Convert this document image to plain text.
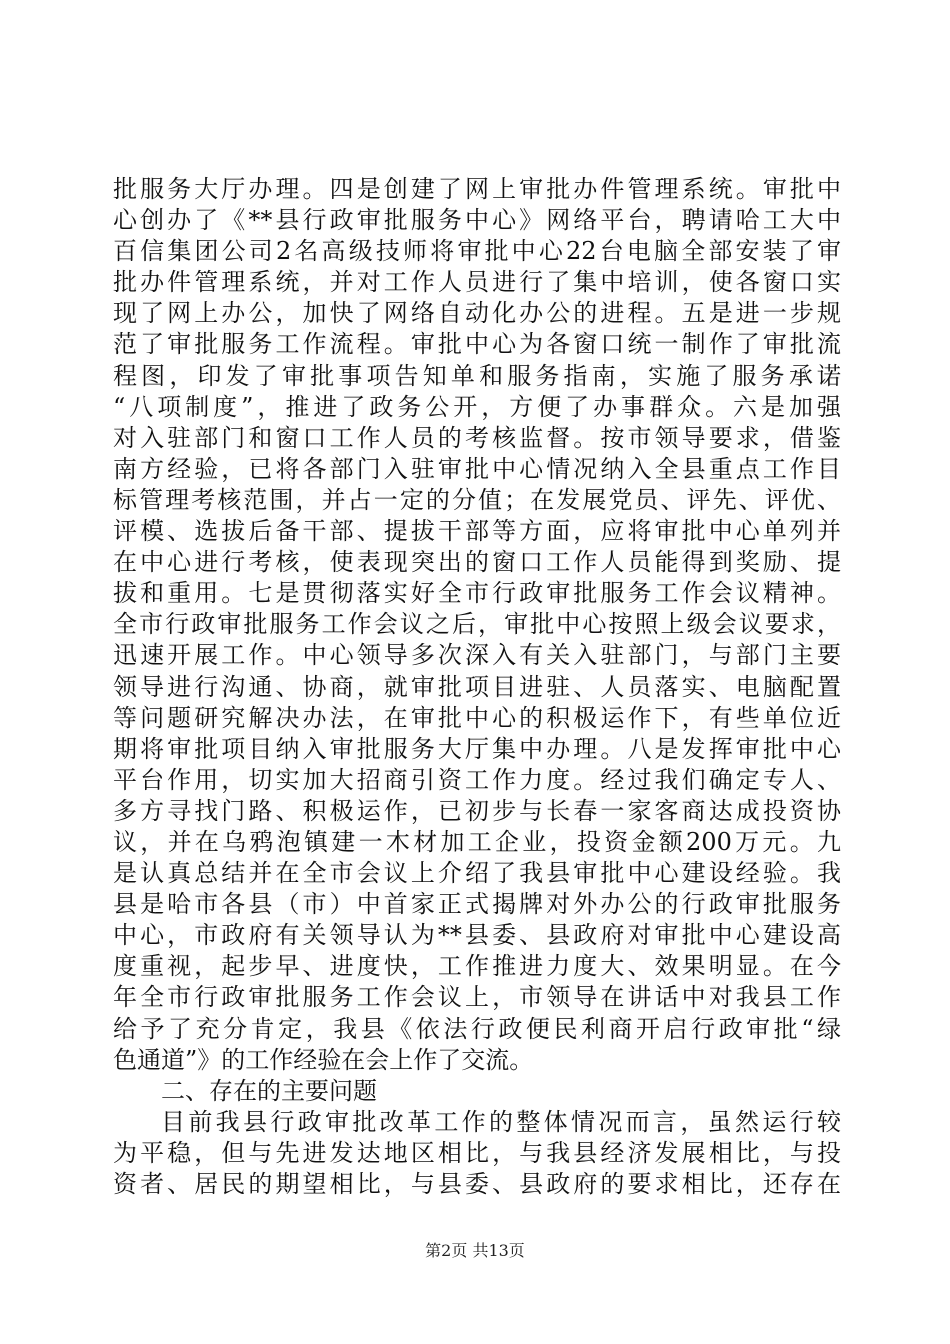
批服务大厅办理。四是创建了网上审批办件管理系统。审批中
心创办了《**县行政审批服务中心》网络平台，聘请哈工大中
百信集团公司2名高级技师将审批中心22台电脑全部安装了审
批办件管理系统，并对工作人员进行了集中培训，使各窗口实
现了网上办公，加快了网络自动化办公的进程。五是进一步规
范了审批服务工作流程。审批中心为各窗口统一制作了审批流
程图，印发了审批事项告知单和服务指南，实施了服务承诺
“八项制度”，推进了政务公开，方便了办事群众。六是加强
对入驻部门和窗口工作人员的考核监督。按市领导要求，借鉴
南方经验，已将各部门入驻审批中心情况纳入全县重点工作目
标管理考核范围，并占一定的分值；在发展党员、评先、评优、
评模、选拔后备干部、提拔干部等方面，应将审批中心单列并
在中心进行考核，使表现突出的窗口工作人员能得到奖励、提
拔和重用。七是贯彻落实好全市行政审批服务工作会议精神。
全市行政审批服务工作会议之后，审批中心按照上级会议要求，
迅速开展工作。中心领导多次深入有关入驻部门，与部门主要
领导进行沟通、协商，就审批项目进驻、人员落实、电脑配置
等问题研究解决办法，在审批中心的积极运作下，有些单位近
期将审批项目纳入审批服务大厅集中办理。八是发挥审批中心
平台作用，切实加大招商引资工作力度。经过我们确定专人、
多方寻找门路、积极运作，已初步与长春一家客商达成投资协
议，并在乌鸦泡镇建一木材加工企业，投资金额200万元。九
是认真总结并在全市会议上介绍了我县审批中心建设经验。我
县是哈市各县（市）中首家正式揭牌对外办公的行政审批服务
中心，市政府有关领导认为**县委、县政府对审批中心建设高
度重视，起步早、进度快，工作推进力度大、效果明显。在今
年全市行政审批服务工作会议上，市领导在讲话中对我县工作
给予了充分肯定，我县《依法行政便民利商开启行政审批“绿
色通道”》的工作经验在会上作了交流。
二、存在的主要问题
目前我县行政审批改革工作的整体情况而言，虽然运行较
为平稳，但与先进发达地区相比，与我县经济发展相比，与投
资者、居民的期望相比，与县委、县政府的要求相比，还存在
第2页 共13页
